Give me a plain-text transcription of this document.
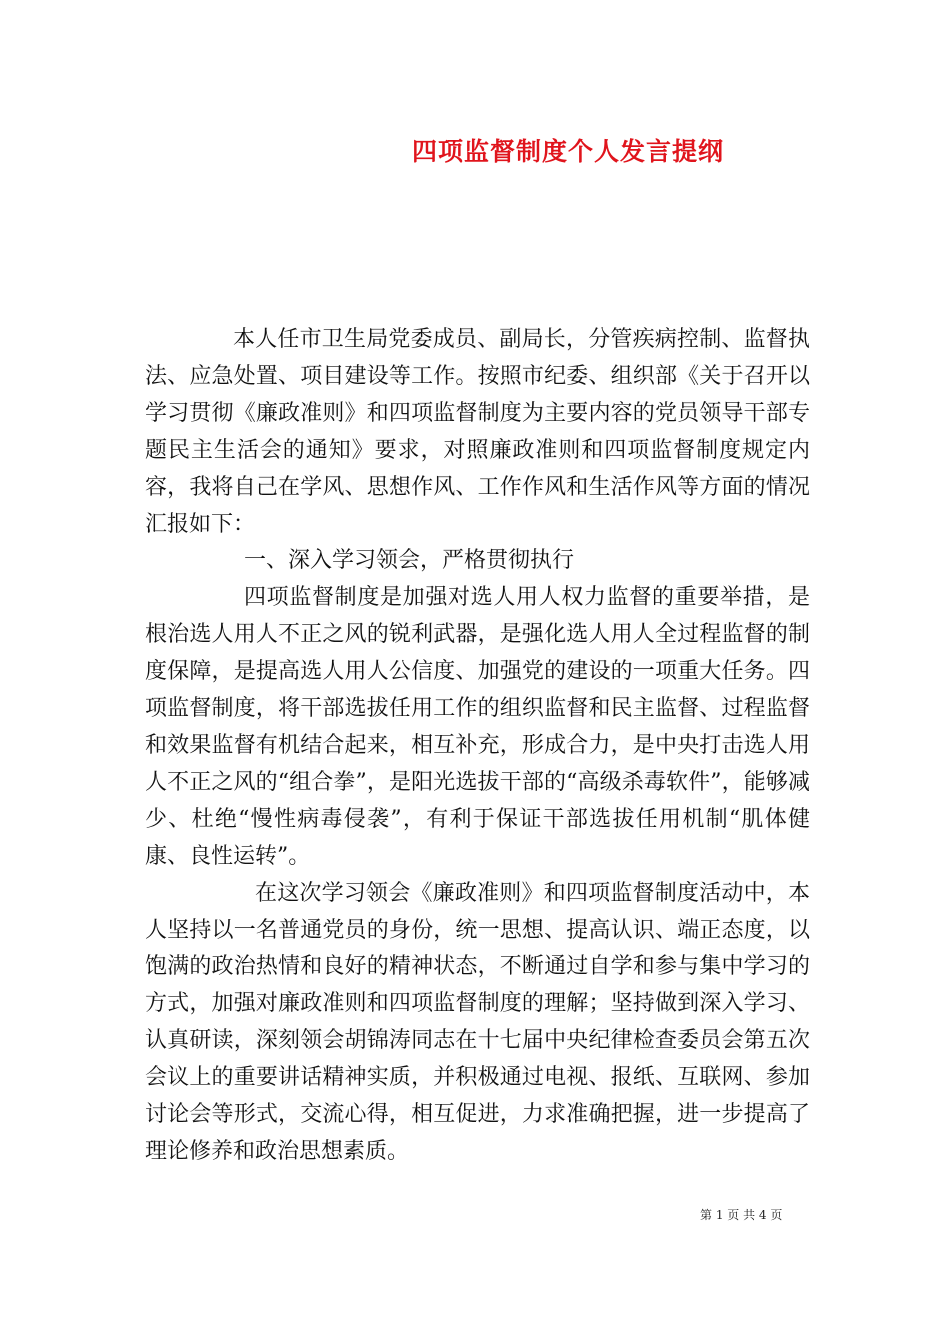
四项监督制度个人发言提纲

本人任市卫生局党委成员、副局长，分管疾病控制、监督执法、应急处置、项目建设等工作。按照市纪委、组织部《关于召开以学习贯彻《廉政准则》和四项监督制度为主要内容的党员领导干部专题民主生活会的通知》要求，对照廉政准则和四项监督制度规定内容，我将自己在学风、思想作风、工作作风和生活作风等方面的情况汇报如下：

一、深入学习领会，严格贯彻执行

四项监督制度是加强对选人用人权力监督的重要举措，是根治选人用人不正之风的锐利武器，是强化选人用人全过程监督的制度保障，是提高选人用人公信度、加强党的建设的一项重大任务。四项监督制度，将干部选拔任用工作的组织监督和民主监督、过程监督和效果监督有机结合起来，相互补充，形成合力，是中央打击选人用人不正之风的“组合拳”，是阳光选拔干部的“高级杀毒软件”，能够减少、杜绝“慢性病毒侵袭”，有利于保证干部选拔任用机制“肌体健康、良性运转”。

在这次学习领会《廉政准则》和四项监督制度活动中，本人坚持以一名普通党员的身份，统一思想、提高认识、端正态度，以饱满的政治热情和良好的精神状态，不断通过自学和参与集中学习的方式，加强对廉政准则和四项监督制度的理解；坚持做到深入学习、认真研读，深刻领会胡锦涛同志在十七届中央纪律检查委员会第五次会议上的重要讲话精神实质，并积极通过电视、报纸、互联网、参加讨论会等形式，交流心得，相互促进，力求准确把握，进一步提高了理论修养和政治思想素质。

第 1 页 共 4 页
